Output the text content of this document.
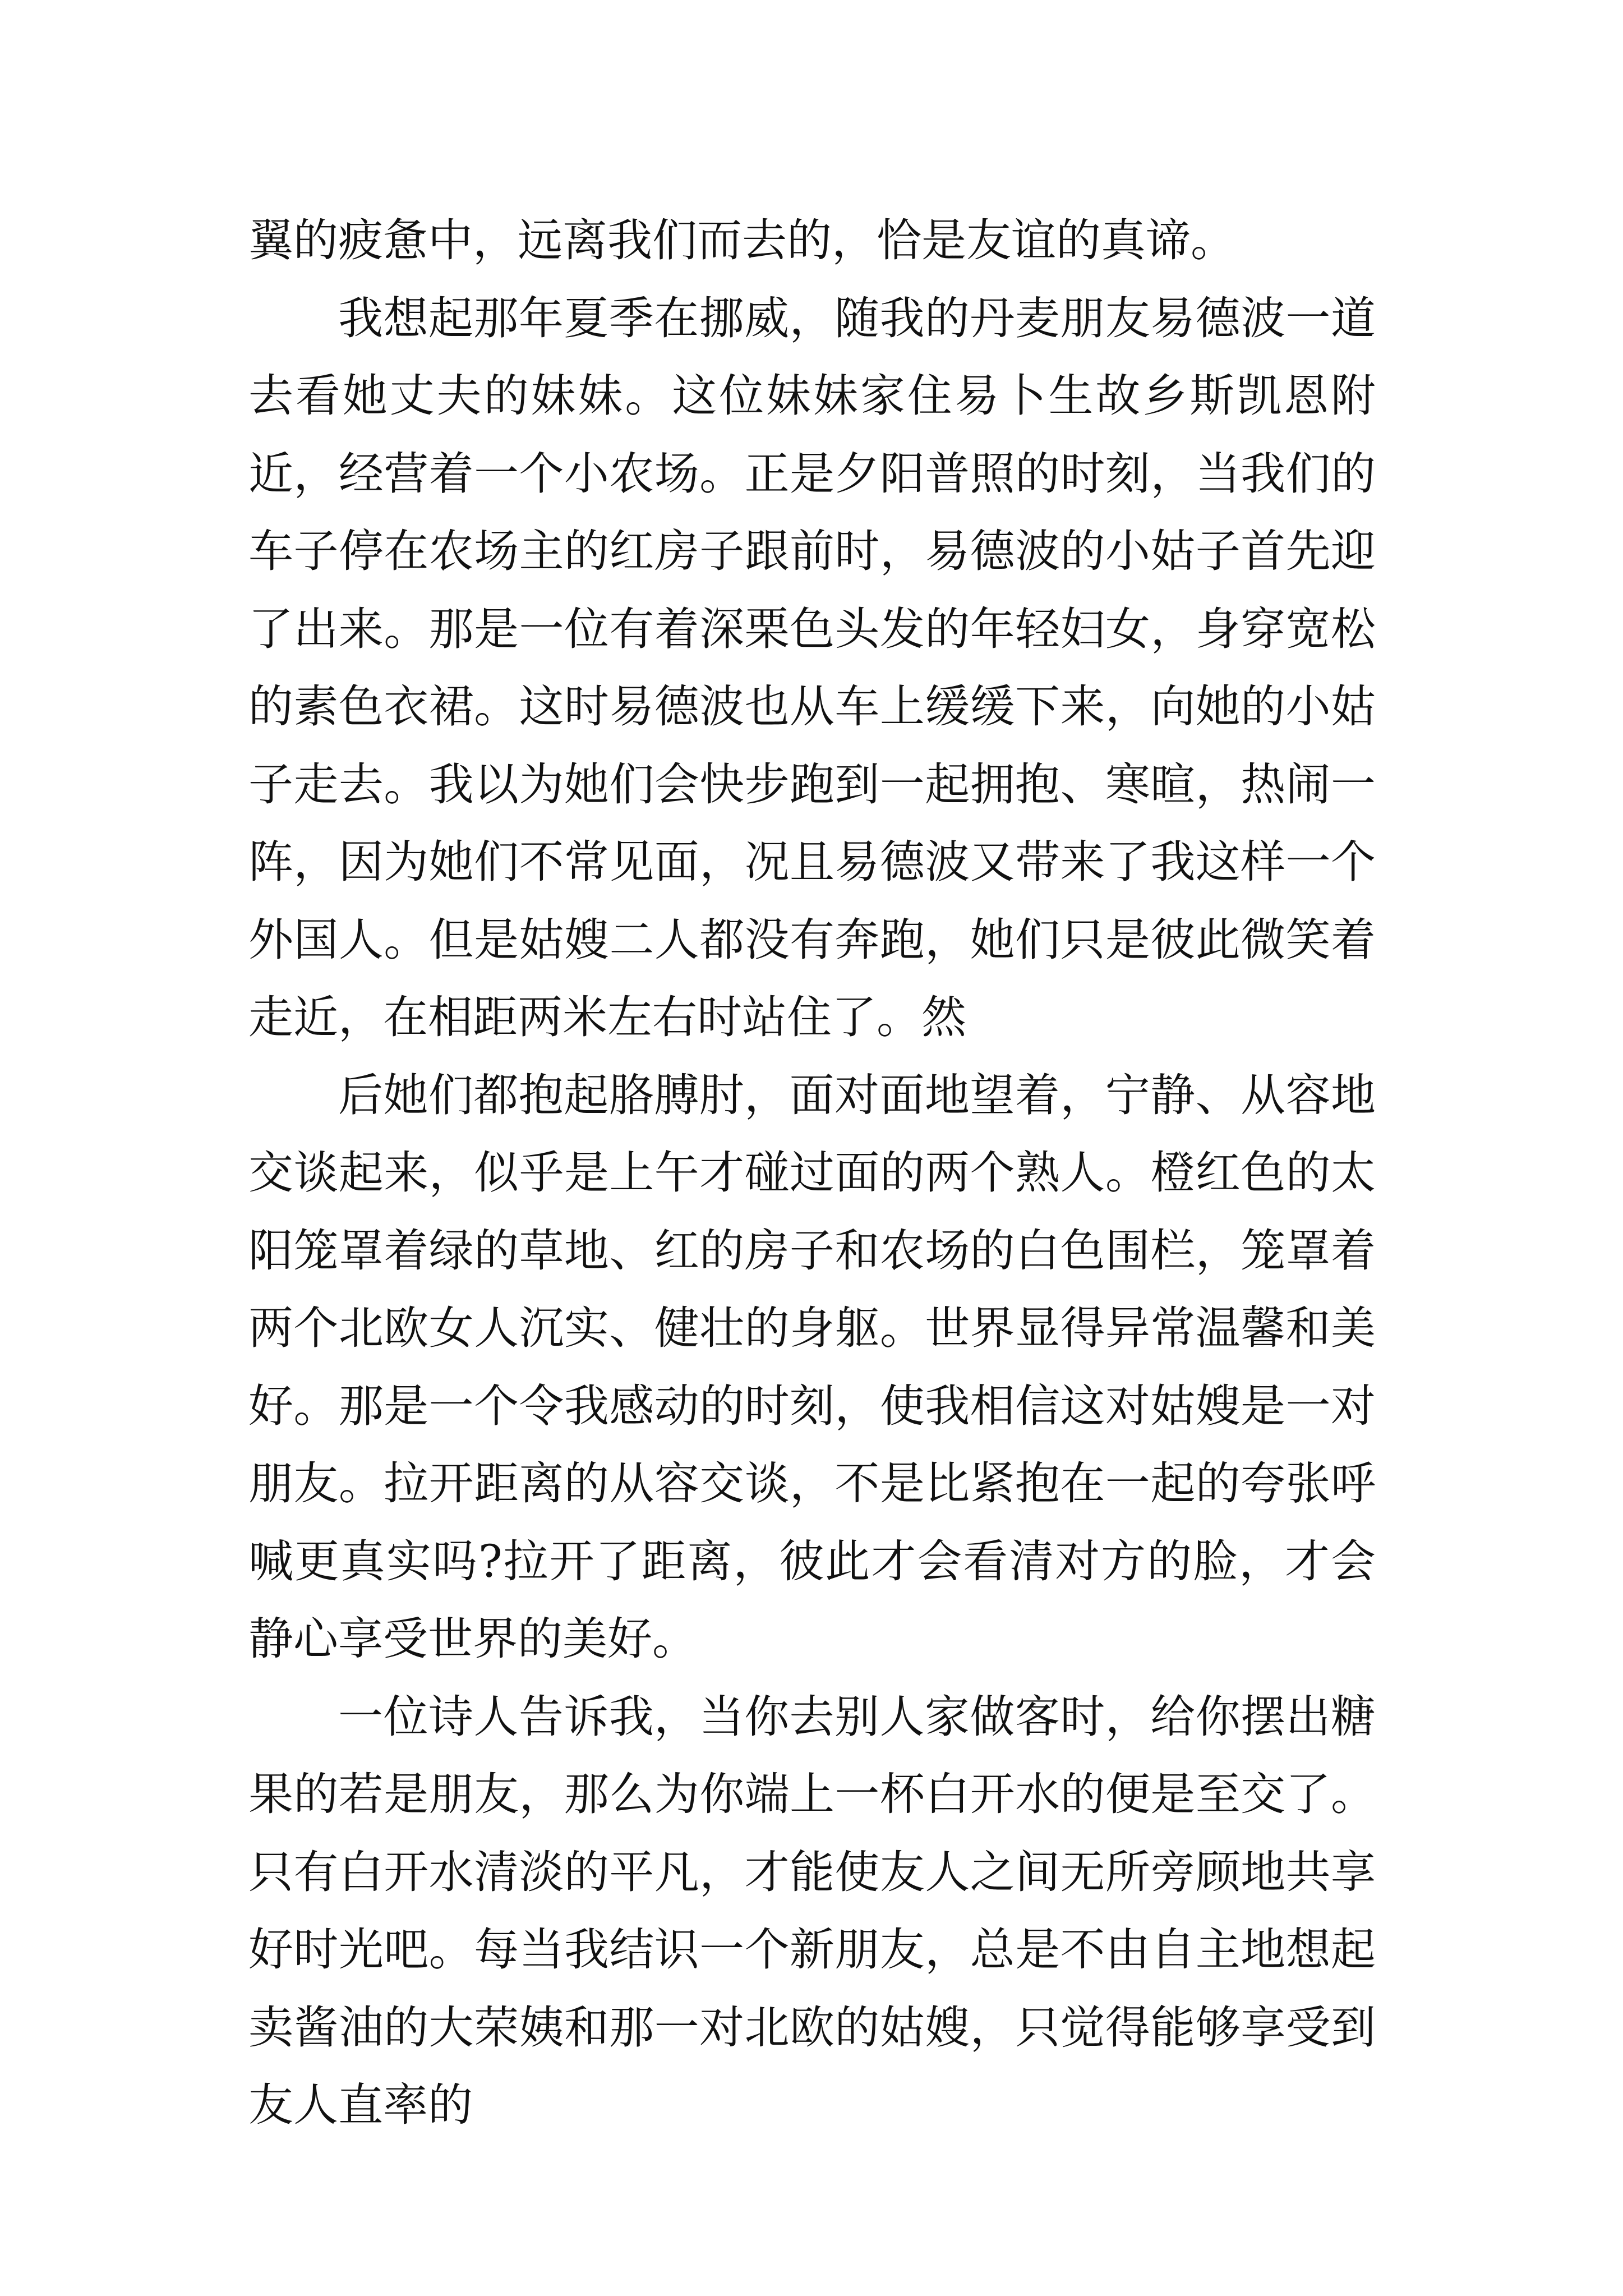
翼的疲惫中，远离我们而去的，恰是友谊的真谛。

我想起那年夏季在挪威，随我的丹麦朋友易德波一道去看她丈夫的妹妹。这位妹妹家住易卜生故乡斯凯恩附近，经营着一个小农场。正是夕阳普照的时刻，当我们的车子停在农场主的红房子跟前时，易德波的小姑子首先迎了出来。那是一位有着深栗色头发的年轻妇女，身穿宽松的素色衣裙。这时易德波也从车上缓缓下来，向她的小姑子走去。我以为她们会快步跑到一起拥抱、寒暄，热闹一阵，因为她们不常见面，况且易德波又带来了我这样一个外国人。但是姑嫂二人都没有奔跑，她们只是彼此微笑着走近，在相距两米左右时站住了。然

后她们都抱起胳膊肘，面对面地望着，宁静、从容地交谈起来，似乎是上午才碰过面的两个熟人。橙红色的太阳笼罩着绿的草地、红的房子和农场的白色围栏，笼罩着两个北欧女人沉实、健壮的身躯。世界显得异常温馨和美好。那是一个令我感动的时刻，使我相信这对姑嫂是一对朋友。拉开距离的从容交谈，不是比紧抱在一起的夸张呼喊更真实吗?拉开了距离，彼此才会看清对方的脸，才会静心享受世界的美好。

一位诗人告诉我，当你去别人家做客时，给你摆出糖果的若是朋友，那么为你端上一杯白开水的便是至交了。只有白开水清淡的平凡，才能使友人之间无所旁顾地共享好时光吧。每当我结识一个新朋友，总是不由自主地想起卖酱油的大荣姨和那一对北欧的姑嫂，只觉得能够享受到友人直率的
